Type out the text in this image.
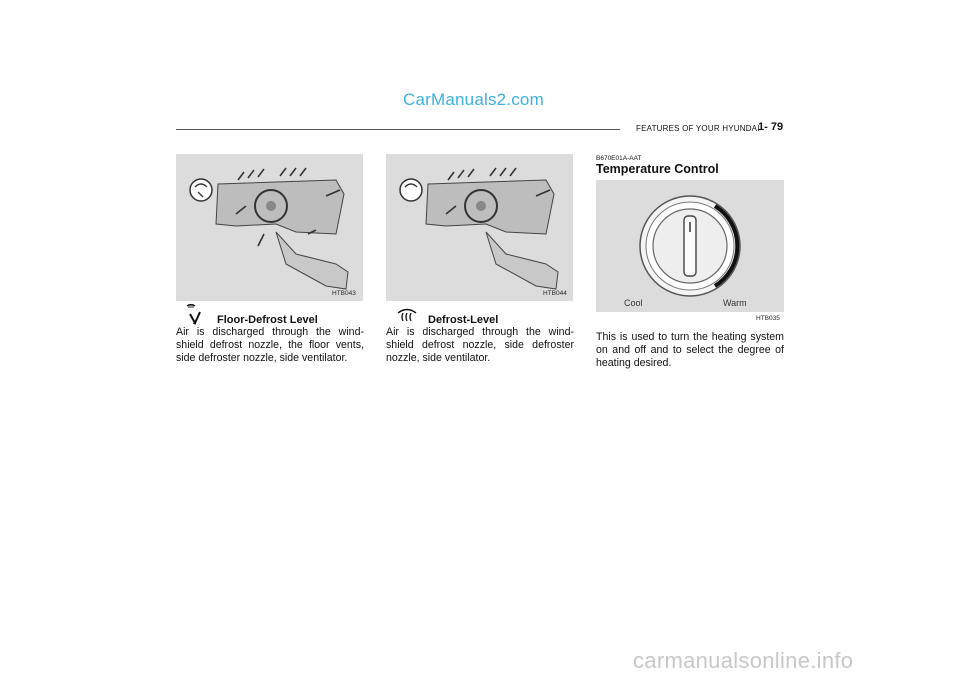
CarManuals2.com
FEATURES OF YOUR HYUNDAI
1- 79
HTB043
Floor-Defrost Level
Air is discharged through the wind-shield defrost nozzle, the floor vents, side defroster nozzle, side ventilator.
HTB044
Defrost-Level
Air is discharged through the wind-shield defrost nozzle, side defroster nozzle, side ventilator.
B670E01A-AAT
Temperature Control
Cool	Warm
HTB035
This is used to turn the heating system on and off and to select the degree of heating desired.
carmanualsonline.info
